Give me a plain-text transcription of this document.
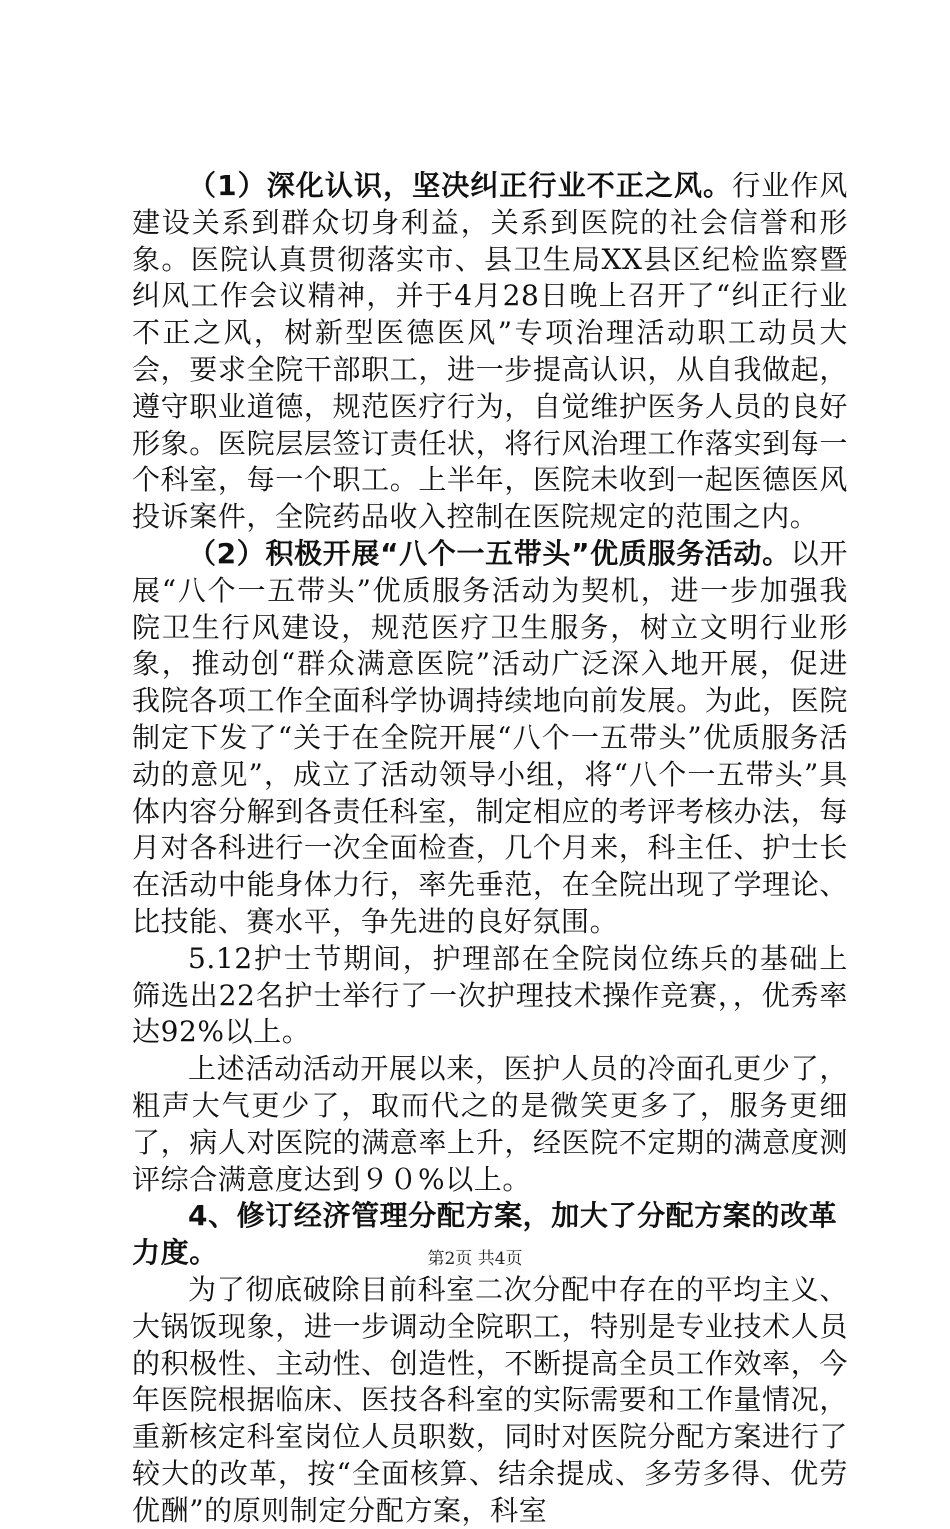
（1）深化认识，坚决纠正行业不正之风。行业作风建设关系到群众切身利益，关系到医院的社会信誉和形象。医院认真贯彻落实市、县卫生局XX县区纪检监察暨纠风工作会议精神，并于4月28日晚上召开了“纠正行业不正之风，树新型医德医风”专项治理活动职工动员大会，要求全院干部职工，进一步提高认识，从自我做起，遵守职业道德，规范医疗行为，自觉维护医务人员的良好形象。医院层层签订责任状，将行风治理工作落实到每一个科室，每一个职工。上半年，医院未收到一起医德医风投诉案件，全院药品收入控制在医院规定的范围之内。

（2）积极开展“八个一五带头”优质服务活动。以开展“八个一五带头”优质服务活动为契机，进一步加强我院卫生行风建设，规范医疗卫生服务，树立文明行业形象，推动创“群众满意医院”活动广泛深入地开展，促进我院各项工作全面科学协调持续地向前发展。为此，医院制定下发了“关于在全院开展“八个一五带头”优质服务活动的意见”，成立了活动领导小组，将“八个一五带头”具体内容分解到各责任科室，制定相应的考评考核办法，每月对各科进行一次全面检查，几个月来，科主任、护士长在活动中能身体力行，率先垂范，在全院出现了学理论、比技能、赛水平，争先进的良好氛围。

5.12护士节期间，护理部在全院岗位练兵的基础上筛选出22名护士举行了一次护理技术操作竞赛，，优秀率达92%以上。

上述活动活动开展以来，医护人员的冷面孔更少了，粗声大气更少了，取而代之的是微笑更多了，服务更细了，病人对医院的满意率上升，经医院不定期的满意度测评综合满意度达到９０%以上。

4、修订经济管理分配方案，加大了分配方案的改革力度。

为了彻底破除目前科室二次分配中存在的平均主义、大锅饭现象，进一步调动全院职工，特别是专业技术人员的积极性、主动性、创造性，不断提高全员工作效率，今年医院根据临床、医技各科室的实际需要和工作量情况，重新核定科室岗位人员职数，同时对医院分配方案进行了较大的改革，按“全面核算、结余提成、多劳多得、优劳优酬”的原则制定分配方案，科室

第2页 共4页
